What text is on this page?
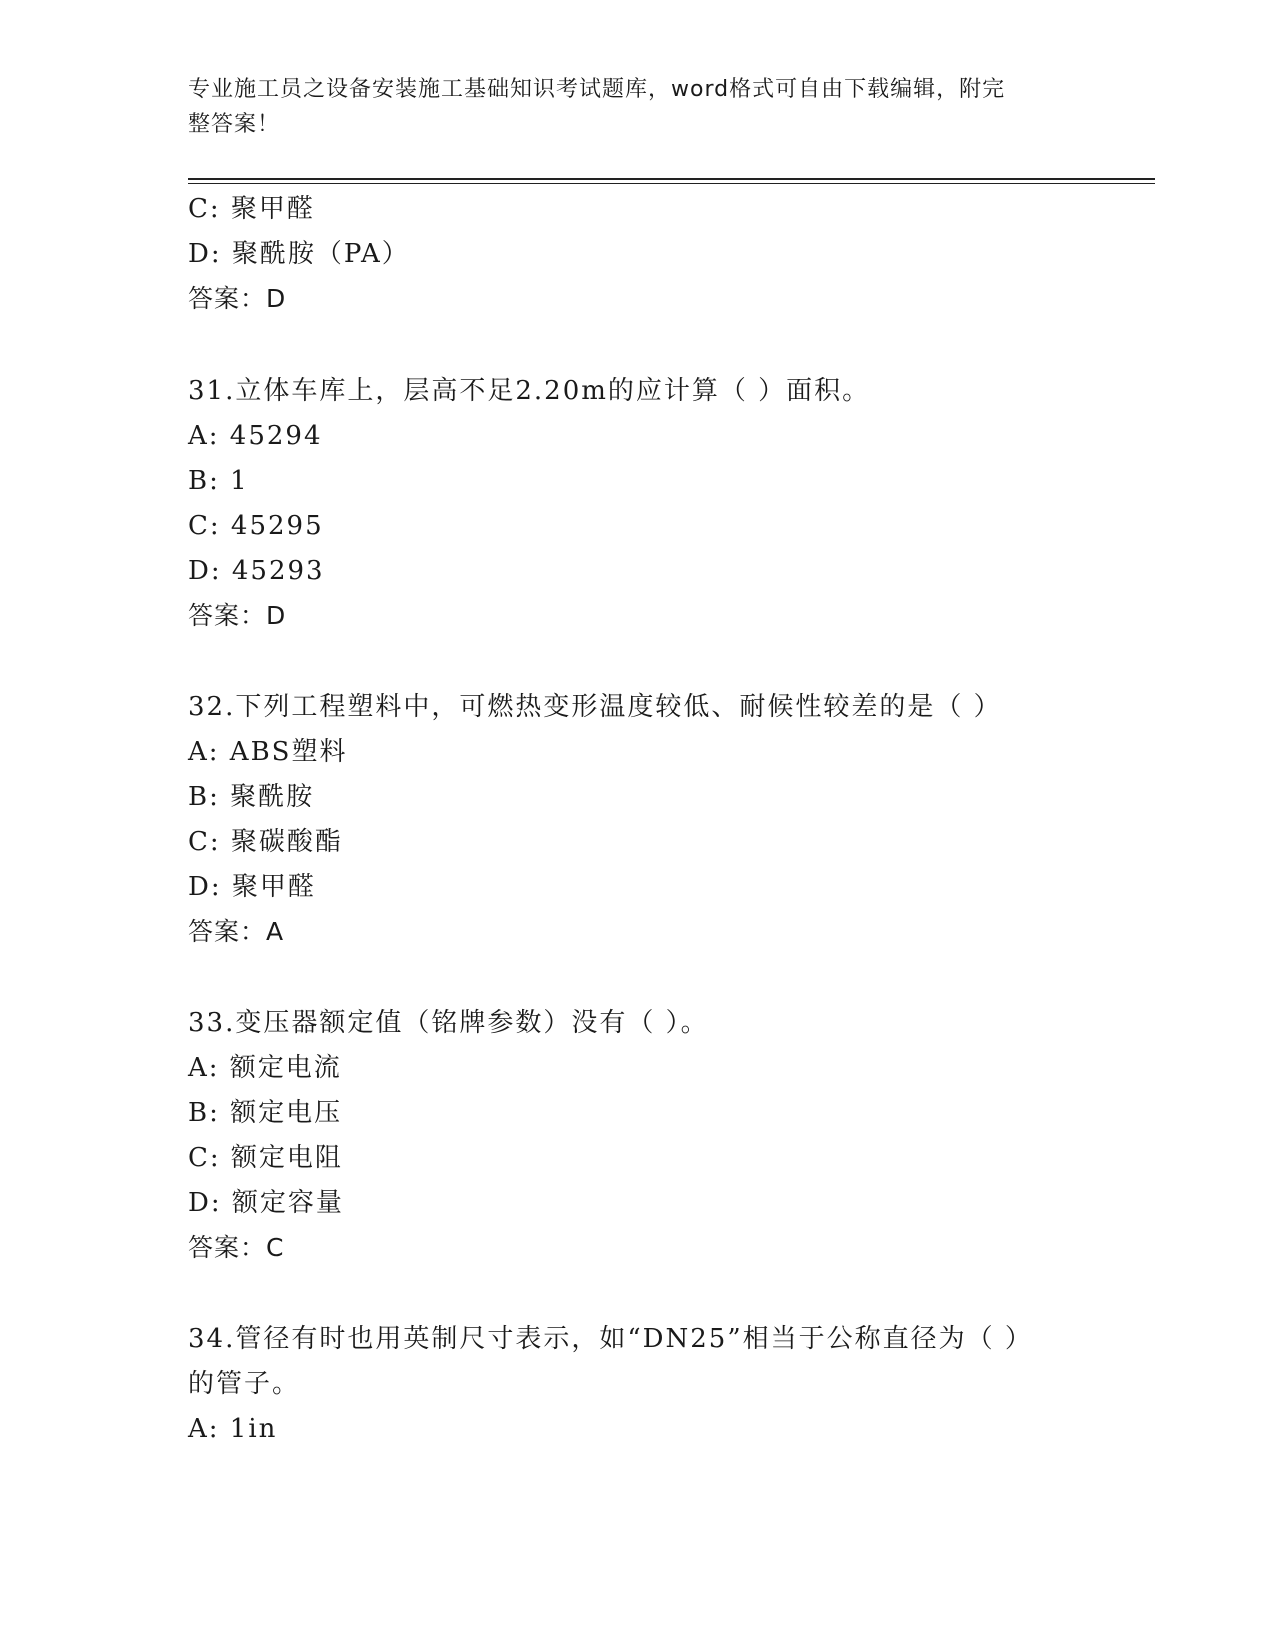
专业施工员之设备安装施工基础知识考试题库，word格式可自由下载编辑，附完
整答案！
C: 聚甲醛
D: 聚酰胺（PA）
答案：D
31.立体车库上，层高不足2.20m的应计算（ ）面积。
A: 45294
B: 1
C: 45295
D: 45293
答案：D
32.下列工程塑料中，可燃热变形温度较低、耐候性较差的是（ ）
A: ABS塑料
B: 聚酰胺
C: 聚碳酸酯
D: 聚甲醛
答案：A
33.变压器额定值（铭牌参数）没有（ ）。
A: 额定电流
B: 额定电压
C: 额定电阻
D: 额定容量
答案：C
34.管径有时也用英制尺寸表示，如“DN25”相当于公称直径为（ ）
的管子。
A: 1in
